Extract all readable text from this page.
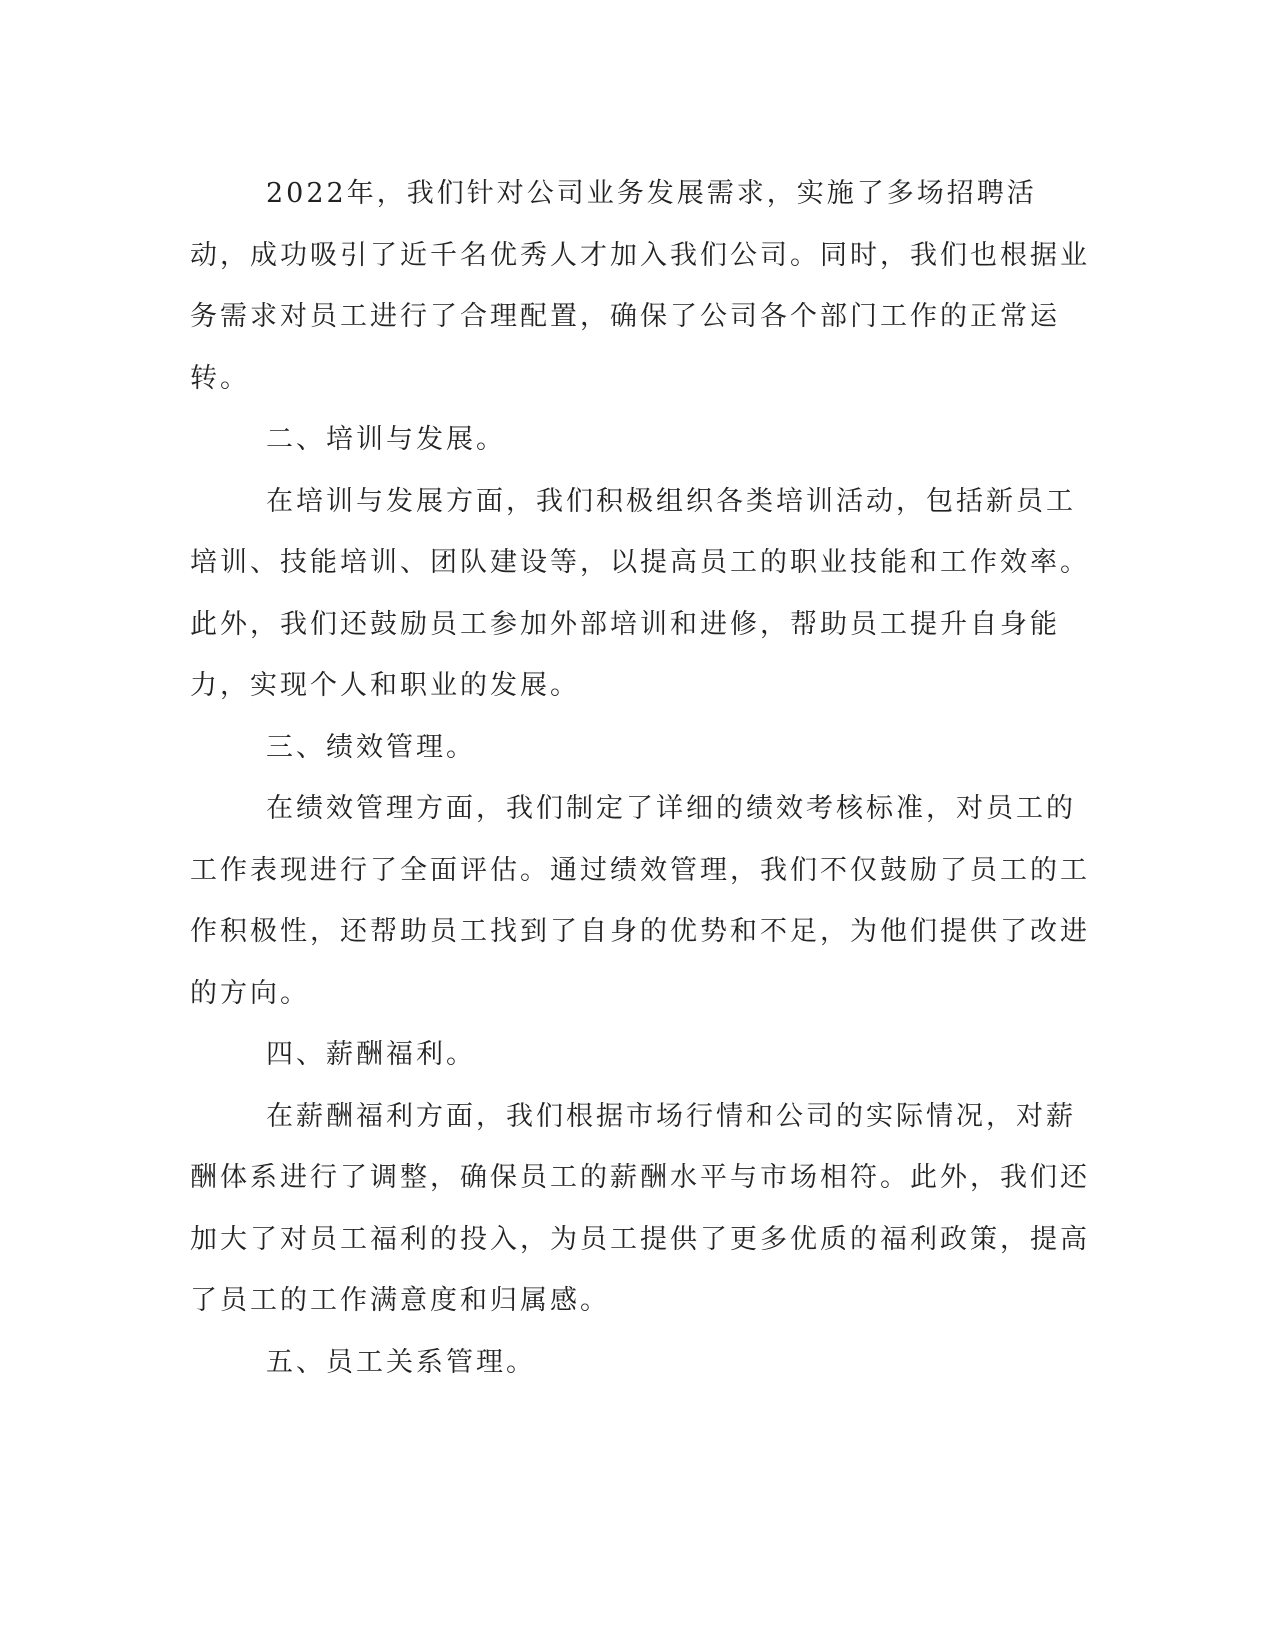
2022年，我们针对公司业务发展需求，实施了多场招聘活动，成功吸引了近千名优秀人才加入我们公司。同时，我们也根据业务需求对员工进行了合理配置，确保了公司各个部门工作的正常运转。

二、培训与发展。

在培训与发展方面，我们积极组织各类培训活动，包括新员工培训、技能培训、团队建设等，以提高员工的职业技能和工作效率。此外，我们还鼓励员工参加外部培训和进修，帮助员工提升自身能力，实现个人和职业的发展。

三、绩效管理。

在绩效管理方面，我们制定了详细的绩效考核标准，对员工的工作表现进行了全面评估。通过绩效管理，我们不仅鼓励了员工的工作积极性，还帮助员工找到了自身的优势和不足，为他们提供了改进的方向。

四、薪酬福利。

在薪酬福利方面，我们根据市场行情和公司的实际情况，对薪酬体系进行了调整，确保员工的薪酬水平与市场相符。此外，我们还加大了对员工福利的投入，为员工提供了更多优质的福利政策，提高了员工的工作满意度和归属感。

五、员工关系管理。
